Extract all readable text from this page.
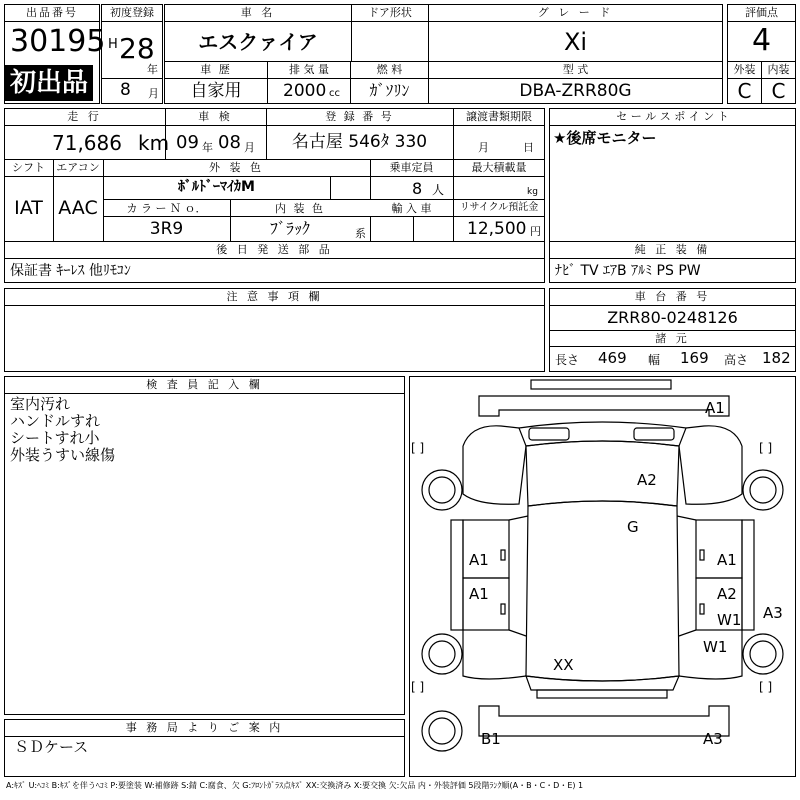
出品番号
30195
初出品
初度登録
H 28
年
8 月
車 名
エスクァイア
ドア形状	グ レ ー ド
Xi
評価点
4
車 歴
自家用
排 気 量
2000 cc
燃 料
ｶﾞｿﾘﾝ
型 式
DBA-ZRR80G
外装	内装
C	C
走 行
71,686 km
車 検
09 年 08 月
登 録 番 号
名古屋 546ﾀ 330
譲渡書類期限
月	日
シフト	エアコン
IAT AAC
外 装 色
ﾎﾞﾙﾄﾞｰﾏｲｶM
乗車定員
8 人
最大積載量
kg
カ ラ ー Ｎ ｏ．
3R9
内 装 色
ﾌﾞﾗｯｸ	系
輸 入 車	リサイクル預託金
12,500 円
後 日 発 送 部 品
保証書 ｷｰﾚｽ 他ﾘﾓｺﾝ
セ ー ル ス ポ イ ン ト
★後席モニター
純 正 装 備
ﾅﾋﾞ TV ｴｱB ｱﾙﾐ PS PW
注 意 事 項 欄	車 台 番 号
ZRR80-0248126
諸 元
長さ 469 幅 169 高さ 182
検 査 員 記 入 欄
室内汚れ
ハンドルすれ
シートすれ小
外装うすい線傷
事 務 局 よ り ご 案 内
ＳＤケース
[ ]	[ ]
[ ]	[ ]
A1
A2
G
A1
A1
A1
A2
W1
W1
A3
XX
B1	A3
A:ｷｽﾞ U:ﾍｺﾐ B:ｷｽﾞを伴うﾍｺﾐ P:要塗装 W:補修跡 S:錆 C:腐食、欠 G:ﾌﾛﾝﾄｶﾞﾗｽ点ｷｽﾞ XX:交換済み X:要交換 欠:欠品 内・外装評価 5段階ﾗﾝｸ順(A・B・C・D・E) 1
